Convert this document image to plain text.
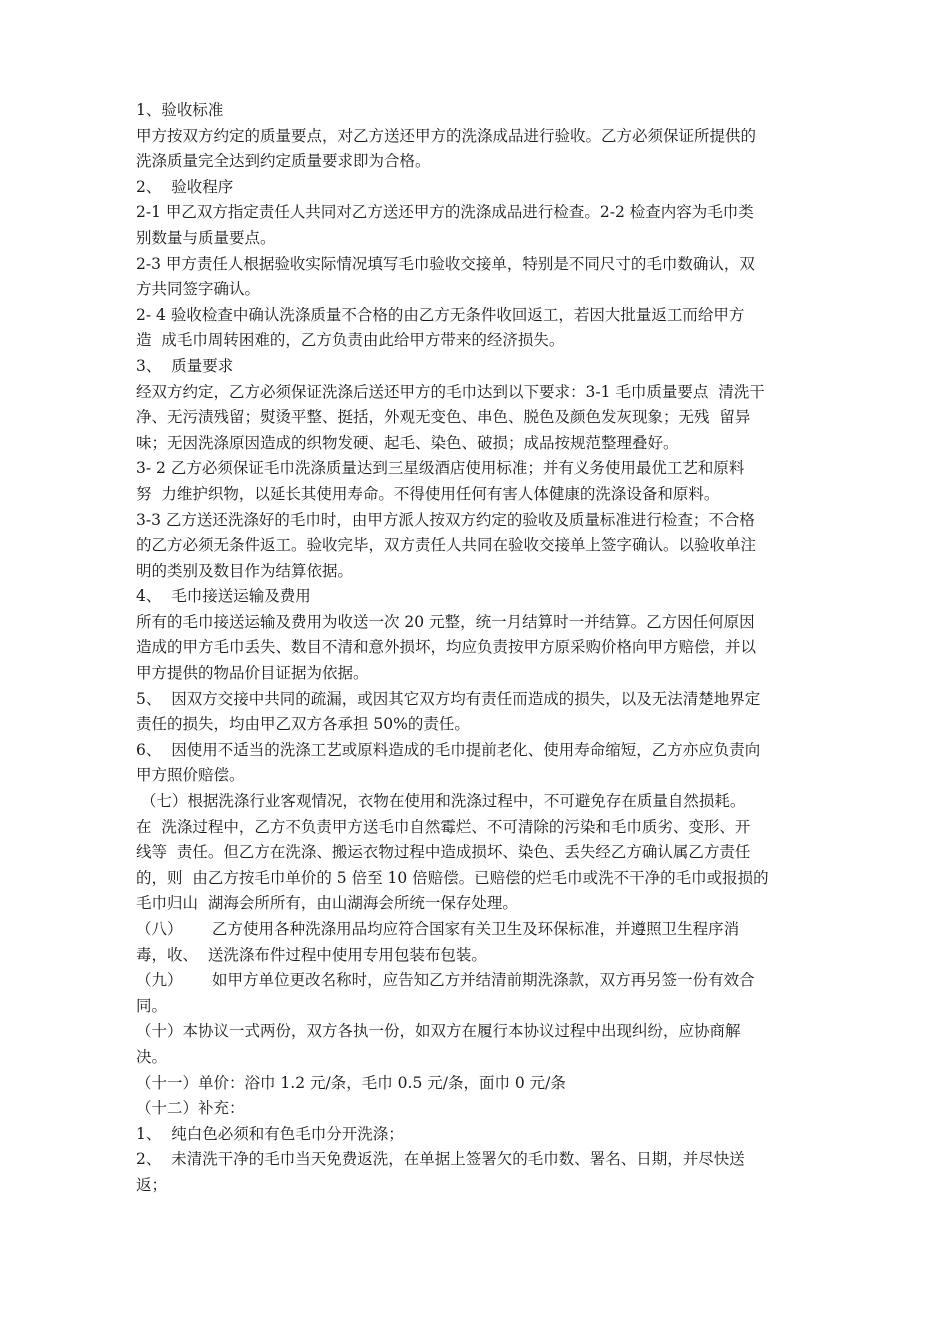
1、验收标准
甲方按双方约定的质量要点，对乙方送还甲方的洗涤成品进行验收。乙方必须保证所提供的
洗涤质量完全达到约定质量要求即为合格。
2、  验收程序
2-1 甲乙双方指定责任人共同对乙方送还甲方的洗涤成品进行检查。2-2 检查内容为毛巾类
别数量与质量要点。
2-3 甲方责任人根据验收实际情况填写毛巾验收交接单，特别是不同尺寸的毛巾数确认，双
方共同签字确认。
2- 4 验收检查中确认洗涤质量不合格的由乙方无条件收回返工，若因大批量返工而给甲方
造  成毛巾周转困难的，乙方负责由此给甲方带来的经济损失。
3、  质量要求
经双方约定，乙方必须保证洗涤后送还甲方的毛巾达到以下要求：3-1 毛巾质量要点  清洗干
净、无污渍残留；熨烫平整、挺括，外观无变色、串色、脱色及颜色发灰现象；无残  留异
味；无因洗涤原因造成的织物发硬、起毛、染色、破损；成品按规范整理叠好。
3- 2 乙方必须保证毛巾洗涤质量达到三星级酒店使用标准；并有义务使用最优工艺和原料
努  力维护织物，以延长其使用寿命。不得使用任何有害人体健康的洗涤设备和原料。
3-3 乙方送还洗涤好的毛巾时，由甲方派人按双方约定的验收及质量标准进行检查；不合格
的乙方必须无条件返工。验收完毕，双方责任人共同在验收交接单上签字确认。以验收单注
明的类别及数目作为结算依据。
4、  毛巾接送运输及费用
所有的毛巾接送运输及费用为收送一次 20 元整，统一月结算时一并结算。乙方因任何原因
造成的甲方毛巾丢失、数目不清和意外损坏，均应负责按甲方原采购价格向甲方赔偿，并以
甲方提供的物品价目证据为依据。
5、  因双方交接中共同的疏漏，或因其它双方均有责任而造成的损失，以及无法清楚地界定
责任的损失，均由甲乙双方各承担 50%的责任。
6、  因使用不适当的洗涤工艺或原料造成的毛巾提前老化、使用寿命缩短，乙方亦应负责向
甲方照价赔偿。
（七）根据洗涤行业客观情况，衣物在使用和洗涤过程中，不可避免存在质量自然损耗。
在  洗涤过程中，乙方不负责甲方送毛巾自然霉烂、不可清除的污染和毛巾质劣、变形、开
线等  责任。但乙方在洗涤、搬运衣物过程中造成损坏、染色、丢失经乙方确认属乙方责任
的，则  由乙方按毛巾单价的 5 倍至 10 倍赔偿。已赔偿的烂毛巾或洗不干净的毛巾或报损的
毛巾归山  湖海会所所有，由山湖海会所统一保存处理。
（八）      乙方使用各种洗涤用品均应符合国家有关卫生及环保标准，并遵照卫生程序消
毒，收、  送洗涤布件过程中使用专用包装布包装。
（九）      如甲方单位更改名称时，应告知乙方并结清前期洗涤款，双方再另签一份有效合
同。
（十）本协议一式两份，双方各执一份，如双方在履行本协议过程中出现纠纷，应协商解
决。
（十一）单价：浴巾 1.2 元/条，毛巾 0.5 元/条，面巾 0 元/条
（十二）补充：
1、  纯白色必须和有色毛巾分开洗涤；
2、  未清洗干净的毛巾当天免费返洗，在单据上签署欠的毛巾数、署名、日期，并尽快送
返；
